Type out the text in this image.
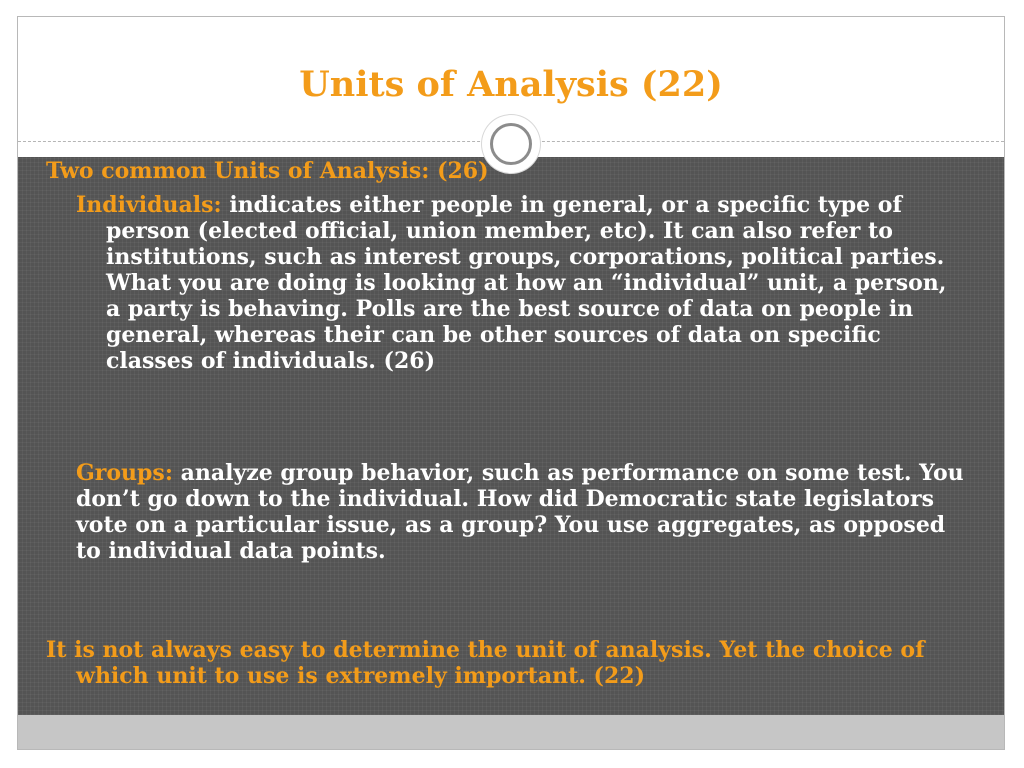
Units of Analysis (22)

Two common Units of Analysis: (26)

Individuals: indicates either people in general, or a specific type of person (elected official, union member, etc). It can also refer to institutions, such as interest groups, corporations, political parties. What you are doing is looking at how an “individual” unit, a person, a party is behaving. Polls are the best source of data on people in general, whereas their can be other sources of data on specific classes of individuals. (26)

Groups: analyze group behavior, such as performance on some test. You don’t go down to the individual. How did Democratic state legislators vote on a particular issue, as a group? You use aggregates, as opposed to individual data points.

It is not always easy to determine the unit of analysis. Yet the choice of which unit to use is extremely important. (22)
